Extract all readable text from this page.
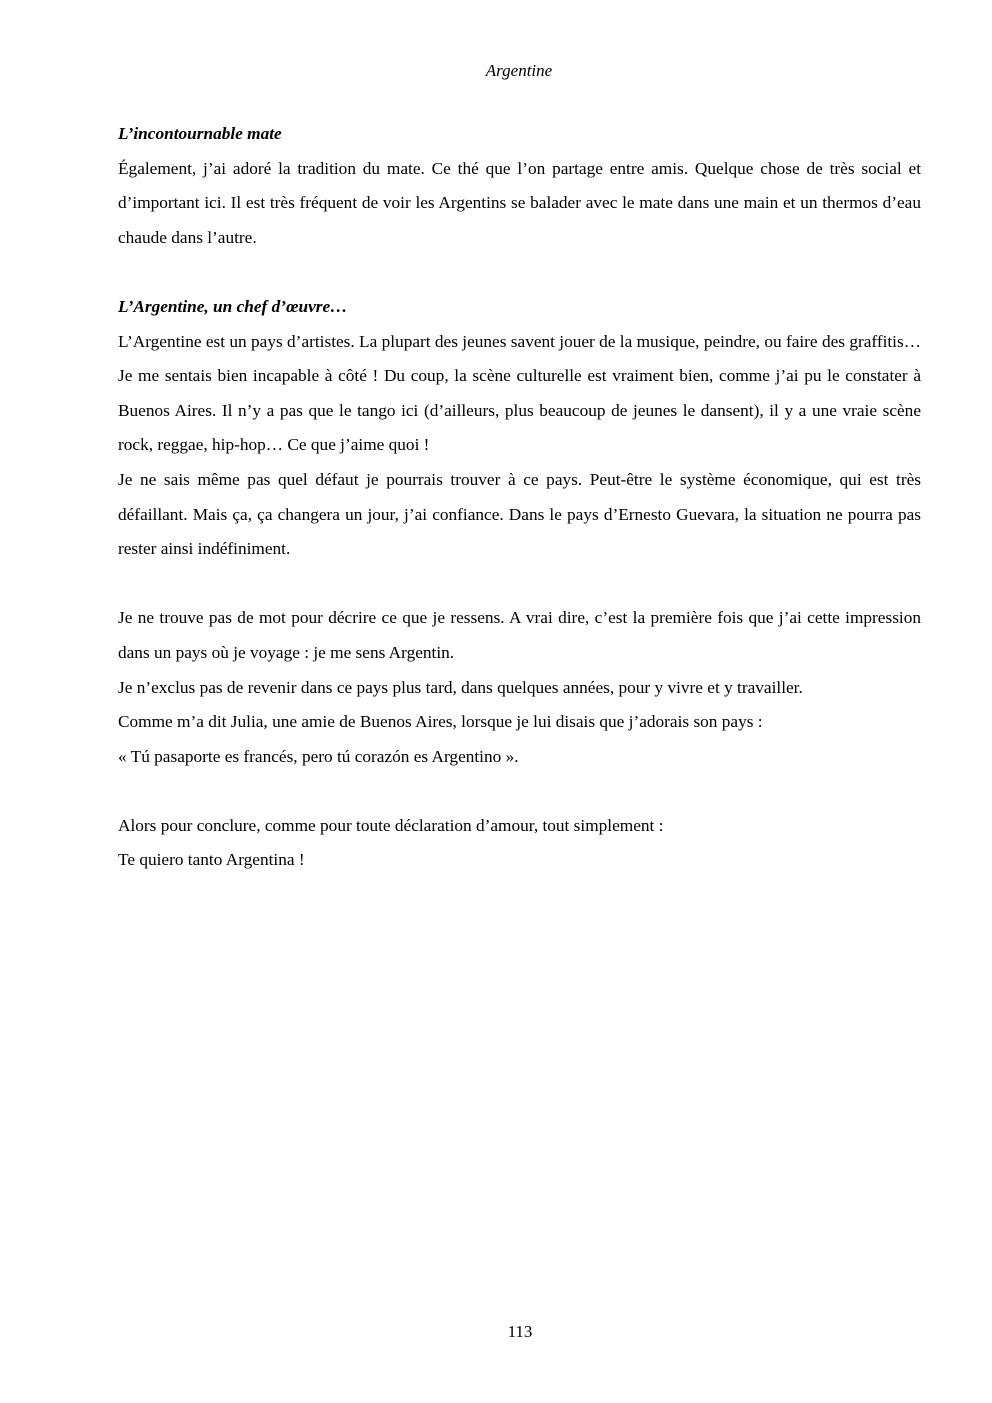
Argentine

L’incontournable mate

Également, j’ai adoré la tradition du mate. Ce thé que l’on partage entre amis. Quelque chose de très social et d’important ici. Il est très fréquent de voir les Argentins se balader avec le mate dans une main et un thermos d’eau chaude dans l’autre.

L’Argentine, un chef d’œuvre…

L’Argentine est un pays d’artistes. La plupart des jeunes savent jouer de la musique, peindre, ou faire des graffitis… Je me sentais bien incapable à côté ! Du coup, la scène culturelle est vraiment bien, comme j’ai pu le constater à Buenos Aires. Il n’y a pas que le tango ici (d’ailleurs, plus beaucoup de jeunes le dansent), il y a une vraie scène rock, reggae, hip-hop… Ce que j’aime quoi !

Je ne sais même pas quel défaut je pourrais trouver à ce pays. Peut-être le système économique, qui est très défaillant. Mais ça, ça changera un jour, j’ai confiance. Dans le pays d’Ernesto Guevara, la situation ne pourra pas rester ainsi indéfiniment.

Je ne trouve pas de mot pour décrire ce que je ressens. A vrai dire, c’est la première fois que j’ai cette impression dans un pays où je voyage : je me sens Argentin.

Je n’exclus pas de revenir dans ce pays plus tard, dans quelques années, pour y vivre et y travailler.

Comme m’a dit Julia, une amie de Buenos Aires, lorsque je lui disais que j’adorais son pays :

« Tú pasaporte es francés, pero tú corazón es Argentino ».

Alors pour conclure, comme pour toute déclaration d’amour, tout simplement :

Te quiero tanto Argentina !

113
